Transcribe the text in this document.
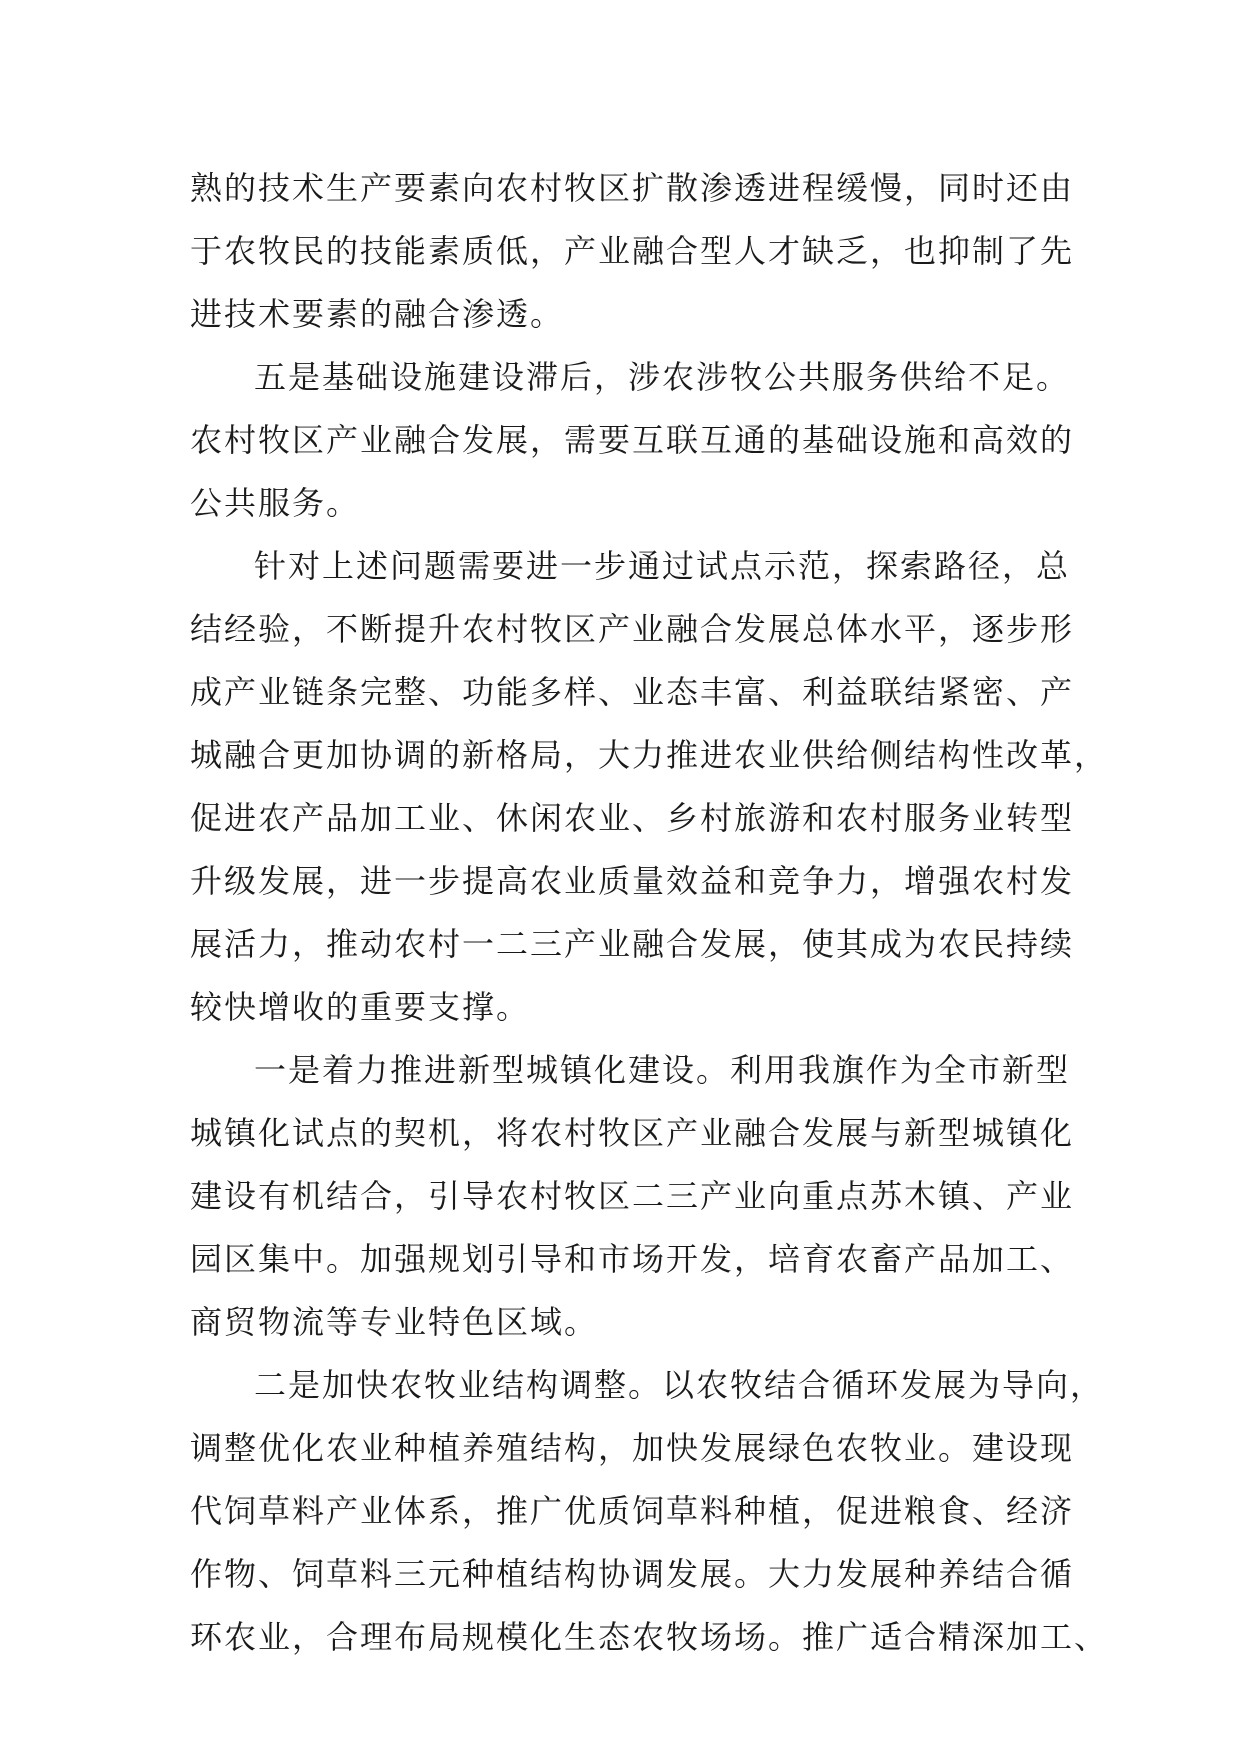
熟的技术生产要素向农村牧区扩散渗透进程缓慢，同时还由
于农牧民的技能素质低，产业融合型人才缺乏，也抑制了先
进技术要素的融合渗透。
五是基础设施建设滞后，涉农涉牧公共服务供给不足。
农村牧区产业融合发展，需要互联互通的基础设施和高效的
公共服务。
针对上述问题需要进一步通过试点示范，探索路径，总
结经验，不断提升农村牧区产业融合发展总体水平，逐步形
成产业链条完整、功能多样、业态丰富、利益联结紧密、产
城融合更加协调的新格局，大力推进农业供给侧结构性改革，
促进农产品加工业、休闲农业、乡村旅游和农村服务业转型
升级发展，进一步提高农业质量效益和竞争力，增强农村发
展活力，推动农村一二三产业融合发展，使其成为农民持续
较快增收的重要支撑。
一是着力推进新型城镇化建设。利用我旗作为全市新型
城镇化试点的契机，将农村牧区产业融合发展与新型城镇化
建设有机结合，引导农村牧区二三产业向重点苏木镇、产业
园区集中。加强规划引导和市场开发，培育农畜产品加工、
商贸物流等专业特色区域。
二是加快农牧业结构调整。以农牧结合循环发展为导向，
调整优化农业种植养殖结构，加快发展绿色农牧业。建设现
代饲草料产业体系，推广优质饲草料种植，促进粮食、经济
作物、饲草料三元种植结构协调发展。大力发展种养结合循
环农业，合理布局规模化生态农牧场场。推广适合精深加工、
